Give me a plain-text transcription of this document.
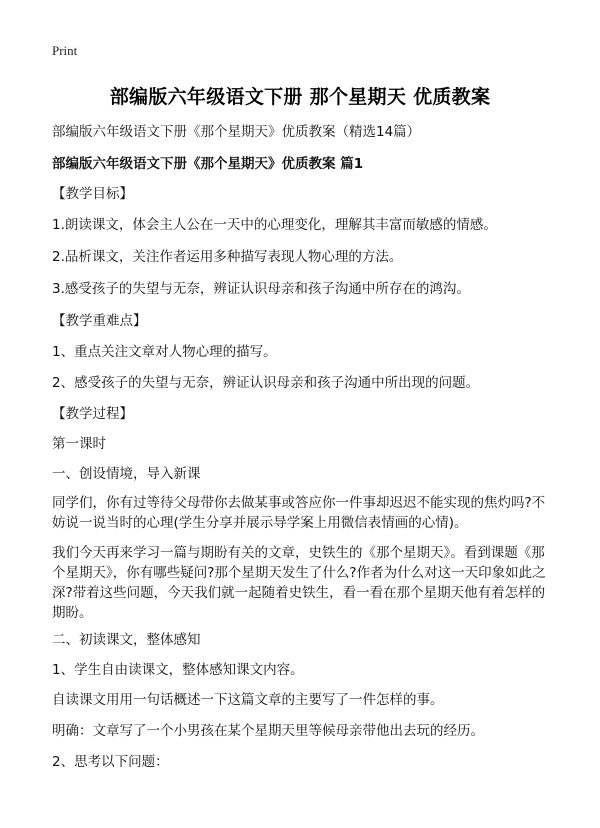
Print
部编版六年级语文下册 那个星期天 优质教案
部编版六年级语文下册《那个星期天》优质教案（精选14篇）
部编版六年级语文下册《那个星期天》优质教案 篇1
【教学目标】
1.朗读课文，体会主人公在一天中的心理变化，理解其丰富而敏感的情感。
2.品析课文，关注作者运用多种描写表现人物心理的方法。
3.感受孩子的失望与无奈，辨证认识母亲和孩子沟通中所存在的鸿沟。
【教学重难点】
1、重点关注文章对人物心理的描写。
2、感受孩子的失望与无奈，辨证认识母亲和孩子沟通中所出现的问题。
【教学过程】
第一课时
一、创设情境，导入新课
同学们，你有过等待父母带你去做某事或答应你一件事却迟迟不能实现的焦灼吗?不妨说一说当时的心理(学生分享并展示导学案上用微信表情画的心情)。
我们今天再来学习一篇与期盼有关的文章，史铁生的《那个星期天》。看到课题《那个星期天》，你有哪些疑问?那个星期天发生了什么?作者为什么对这一天印象如此之深?带着这些问题，今天我们就一起随着史铁生，看一看在那个星期天他有着怎样的期盼。
二、初读课文，整体感知
1、学生自由读课文，整体感知课文内容。
自读课文用用一句话概述一下这篇文章的主要写了一件怎样的事。
明确：文章写了一个小男孩在某个星期天里等候母亲带他出去玩的经历。
2、思考以下问题：
